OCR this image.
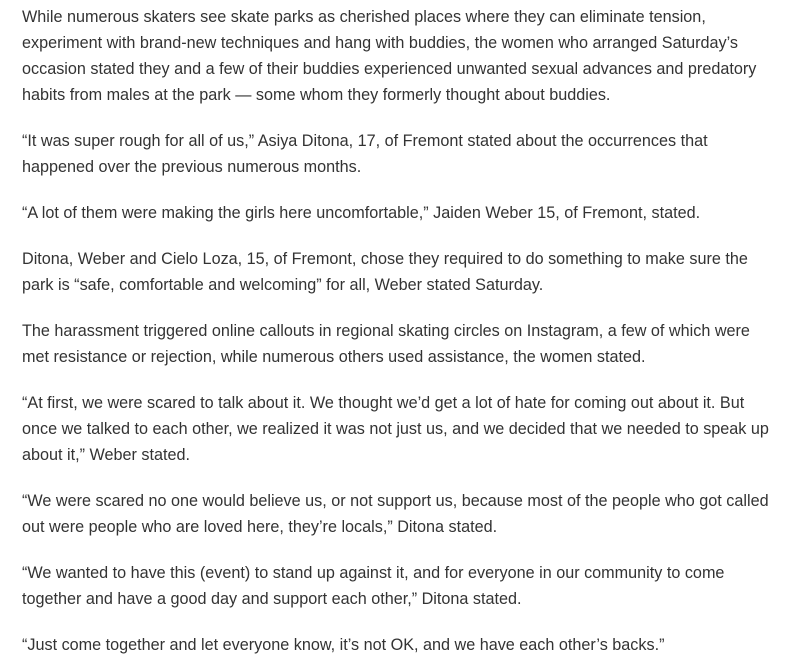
While numerous skaters see skate parks as cherished places where they can eliminate tension, experiment with brand-new techniques and hang with buddies, the women who arranged Saturday’s occasion stated they and a few of their buddies experienced unwanted sexual advances and predatory habits from males at the park — some whom they formerly thought about buddies.

“It was super rough for all of us,” Asiya Ditona, 17, of Fremont stated about the occurrences that happened over the previous numerous months.

“A lot of them were making the girls here uncomfortable,” Jaiden Weber 15, of Fremont, stated.

Ditona, Weber and Cielo Loza, 15, of Fremont, chose they required to do something to make sure the park is “safe, comfortable and welcoming” for all, Weber stated Saturday.

The harassment triggered online callouts in regional skating circles on Instagram, a few of which were met resistance or rejection, while numerous others used assistance, the women stated.

“At first, we were scared to talk about it. We thought we’d get a lot of hate for coming out about it. But once we talked to each other, we realized it was not just us, and we decided that we needed to speak up about it,” Weber stated.

“We were scared no one would believe us, or not support us, because most of the people who got called out were people who are loved here, they’re locals,” Ditona stated.

“We wanted to have this (event) to stand up against it, and for everyone in our community to come together and have a good day and support each other,” Ditona stated.

“Just come together and let everyone know, it’s not OK, and we have each other’s backs.”
